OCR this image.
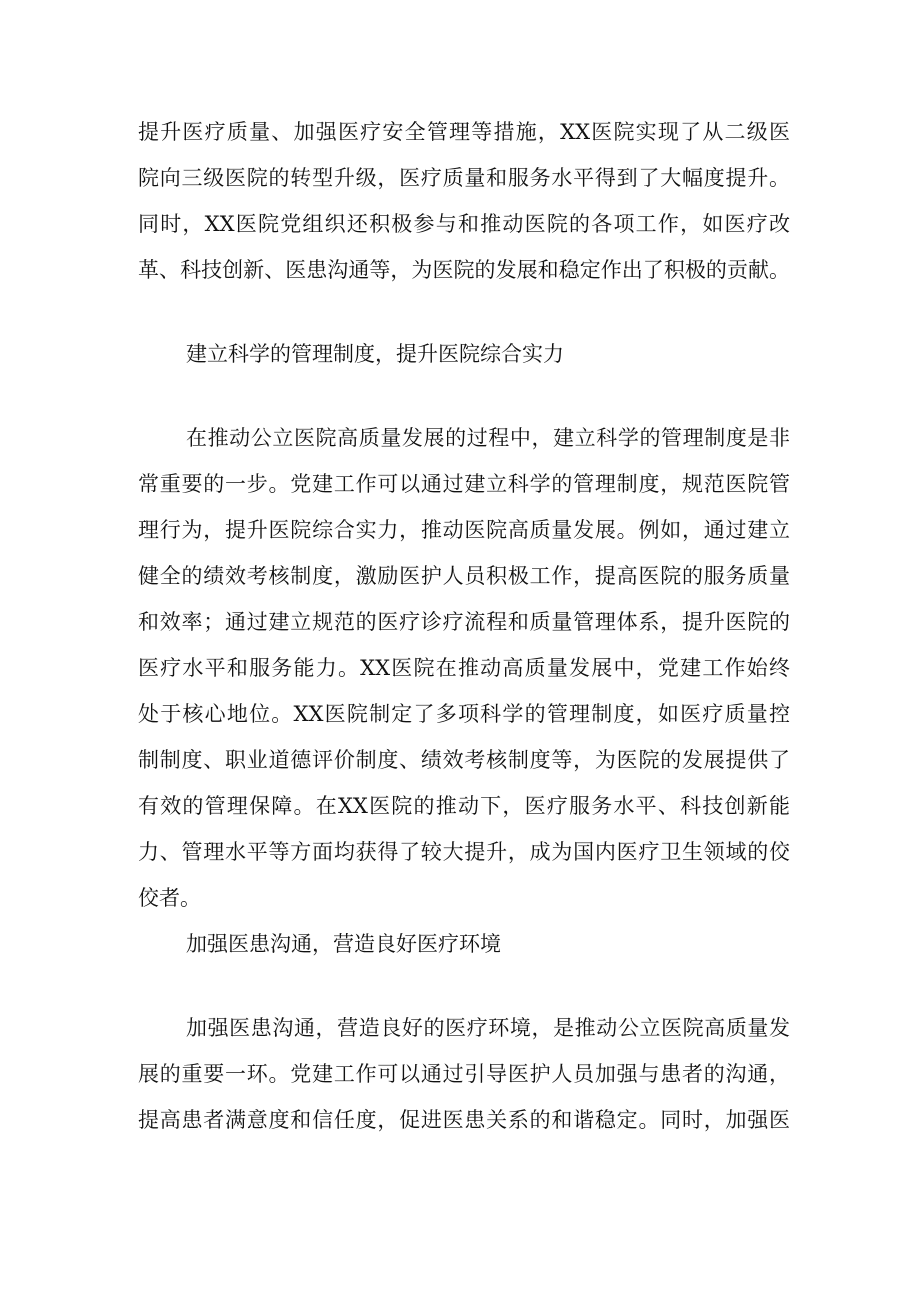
提升医疗质量、加强医疗安全管理等措施，XX医院实现了从二级医
院向三级医院的转型升级，医疗质量和服务水平得到了大幅度提升。
同时，XX医院党组织还积极参与和推动医院的各项工作，如医疗改
革、科技创新、医患沟通等，为医院的发展和稳定作出了积极的贡献。
建立科学的管理制度，提升医院综合实力
在推动公立医院高质量发展的过程中，建立科学的管理制度是非
常重要的一步。党建工作可以通过建立科学的管理制度，规范医院管
理行为，提升医院综合实力，推动医院高质量发展。例如，通过建立
健全的绩效考核制度，激励医护人员积极工作，提高医院的服务质量
和效率；通过建立规范的医疗诊疗流程和质量管理体系，提升医院的
医疗水平和服务能力。XX医院在推动高质量发展中，党建工作始终
处于核心地位。XX医院制定了多项科学的管理制度，如医疗质量控
制制度、职业道德评价制度、绩效考核制度等，为医院的发展提供了
有效的管理保障。在XX医院的推动下，医疗服务水平、科技创新能
力、管理水平等方面均获得了较大提升，成为国内医疗卫生领域的佼
佼者。
加强医患沟通，营造良好医疗环境
加强医患沟通，营造良好的医疗环境，是推动公立医院高质量发
展的重要一环。党建工作可以通过引导医护人员加强与患者的沟通，
提高患者满意度和信任度，促进医患关系的和谐稳定。同时，加强医
